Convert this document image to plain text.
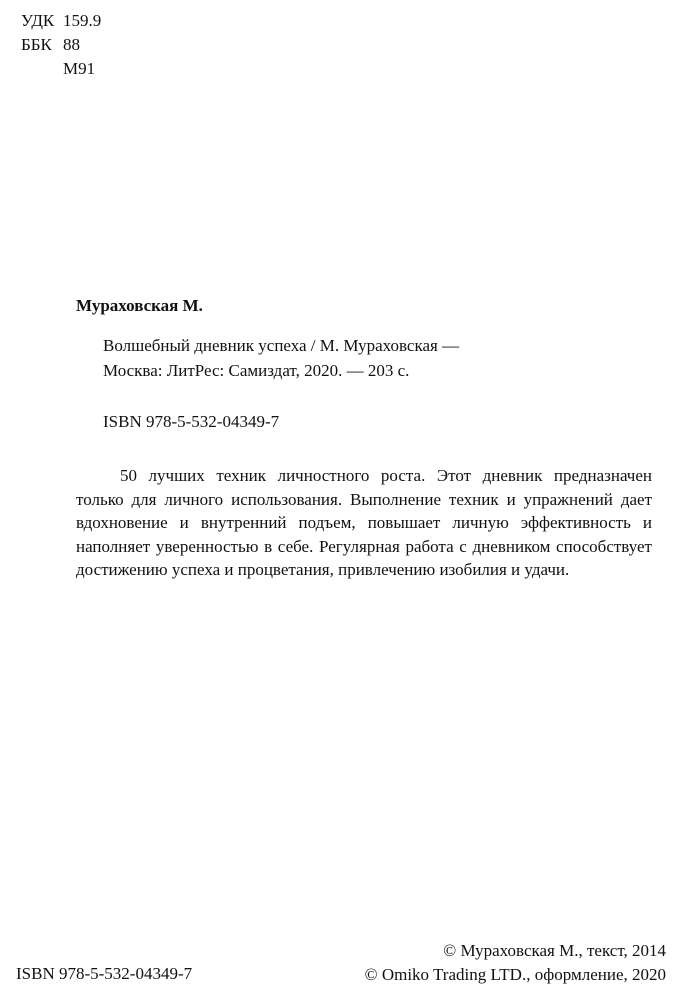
УДК 159.9
ББК 88
М91
Мураховская М.
Волшебный дневник успеха / М. Мураховская —
Москва: ЛитРес: Самиздат, 2020. — 203 с.
ISBN 978-5-532-04349-7
50 лучших техник личностного роста. Этот дневник предназначен только для личного использования. Выполнение техник и упражнений дает вдохновение и внутренний подъем, повышает личную эффективность и наполняет уверенностью в себе. Регулярная работа с дневником способствует достижению успеха и процветания, привлечению изобилия и удачи.
ISBN 978-5-532-04349-7
© Мураховская М., текст, 2014
© Omiko Trading LTD., оформление, 2020
